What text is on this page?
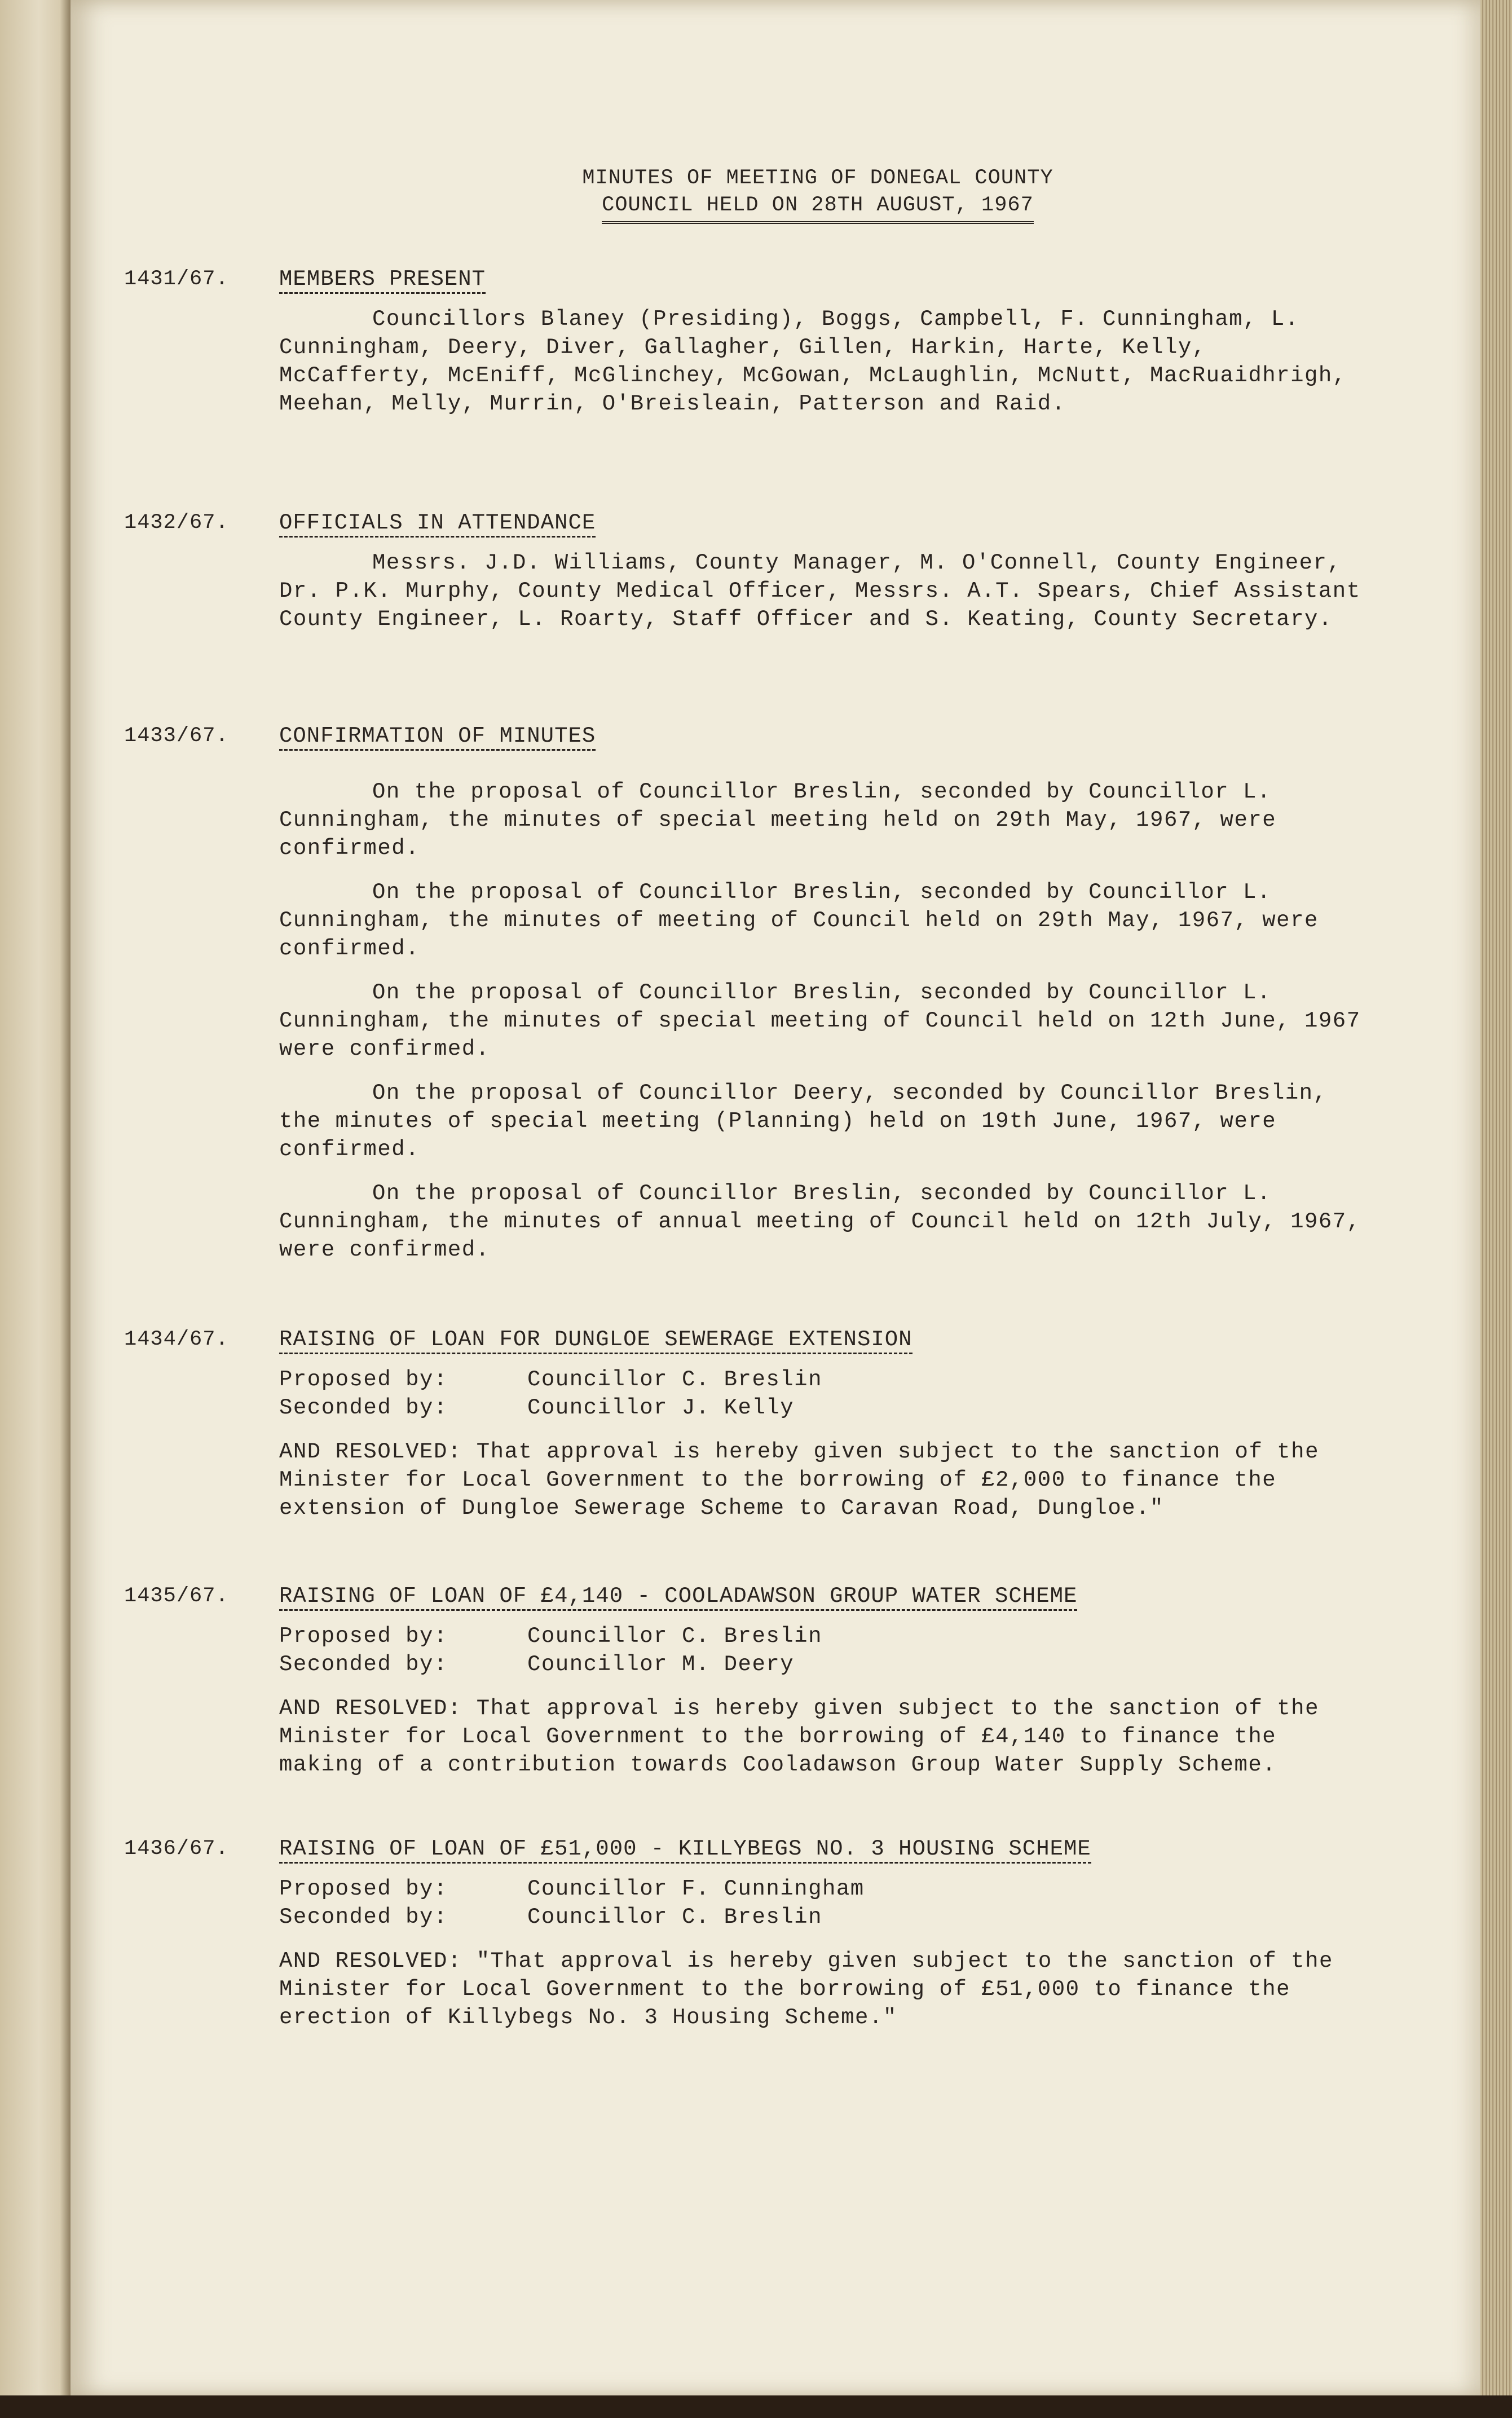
MINUTES OF MEETING OF DONEGAL COUNTY
COUNCIL HELD ON 28TH AUGUST, 1967
1431/67. MEMBERS PRESENT

Councillors Blaney (Presiding), Boggs, Campbell, F. Cunningham, L. Cunningham, Deery, Diver, Gallagher, Gillen, Harkin, Harte, Kelly, McCafferty, McEniff, McGlinchey, McGowan, McLaughlin, McNutt, MacRuaidhrigh, Meehan, Melly, Murrin, O'Breisleain, Patterson and Raid.

1432/67. OFFICIALS IN ATTENDANCE

Messrs. J.D. Williams, County Manager, M. O'Connell, County Engineer, Dr. P.K. Murphy, County Medical Officer, Messrs. A.T. Spears, Chief Assistant County Engineer, L. Roarty, Staff Officer and S. Keating, County Secretary.

1433/67. CONFIRMATION OF MINUTES

On the proposal of Councillor Breslin, seconded by Councillor L. Cunningham, the minutes of special meeting held on 29th May, 1967, were confirmed.

On the proposal of Councillor Breslin, seconded by Councillor L. Cunningham, the minutes of meeting of Council held on 29th May, 1967, were confirmed.

On the proposal of Councillor Breslin, seconded by Councillor L. Cunningham, the minutes of special meeting of Council held on 12th June, 1967 were confirmed.

On the proposal of Councillor Deery, seconded by Councillor Breslin, the minutes of special meeting (Planning) held on 19th June, 1967, were confirmed.

On the proposal of Councillor Breslin, seconded by Councillor L. Cunningham, the minutes of annual meeting of Council held on 12th July, 1967, were confirmed.

1434/67. RAISING OF LOAN FOR DUNGLOE SEWERAGE EXTENSION
Proposed by:	Councillor C. Breslin
Seconded by:	Councillor J. Kelly
AND RESOLVED: That approval is hereby given subject to the sanction of the Minister for Local Government to the borrowing of £2,000 to finance the extension of Dungloe Sewerage Scheme to Caravan Road, Dungloe."
1435/67. RAISING OF LOAN OF £4,140 - COOLADAWSON GROUP WATER SCHEME
Proposed by:	Councillor C. Breslin
Seconded by:	Councillor M. Deery
AND RESOLVED: That approval is hereby given subject to the sanction of the Minister for Local Government to the borrowing of £4,140 to finance the making of a contribution towards Cooladawson Group Water Supply Scheme.
1436/67. RAISING OF LOAN OF £51,000 - KILLYBEGS NO. 3 HOUSING SCHEME
Proposed by:	Councillor F. Cunningham
Seconded by:	Councillor C. Breslin
AND RESOLVED: "That approval is hereby given subject to the sanction of the Minister for Local Government to the borrowing of £51,000 to finance the erection of Killybegs No. 3 Housing Scheme."
